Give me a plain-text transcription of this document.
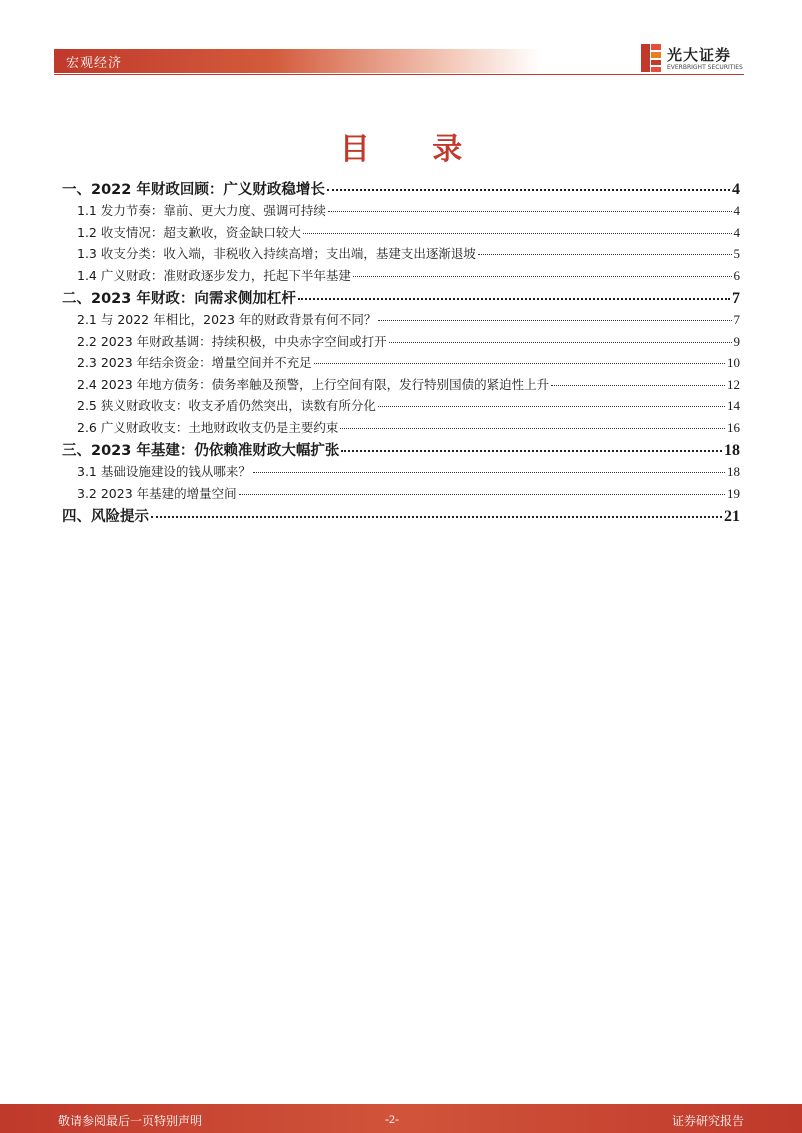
宏观经济	光大证券
EVERBRIGHT SECURITIES
目 录
一、2022 年财政回顾：广义财政稳增长	4
1.1 发力节奏：靠前、更大力度、强调可持续	4
1.2 收支情况：超支歉收，资金缺口较大	4
1.3 收支分类：收入端，非税收入持续高增；支出端，基建支出逐渐退坡	5
1.4 广义财政：准财政逐步发力，托起下半年基建	6
二、2023 年财政：向需求侧加杠杆	7
2.1 与 2022 年相比，2023 年的财政背景有何不同？	7
2.2 2023 年财政基调：持续积极，中央赤字空间或打开	9
2.3 2023 年结余资金：增量空间并不充足	10
2.4 2023 年地方债务：债务率触及预警，上行空间有限，发行特别国债的紧迫性上升	12
2.5 狭义财政收支：收支矛盾仍然突出，读数有所分化	14
2.6 广义财政收支：土地财政收支仍是主要约束	16
三、2023 年基建：仍依赖准财政大幅扩张	18
3.1 基础设施建设的钱从哪来？	18
3.2 2023 年基建的增量空间	19
四、风险提示	21
敬请参阅最后一页特别声明	-2-	证券研究报告
